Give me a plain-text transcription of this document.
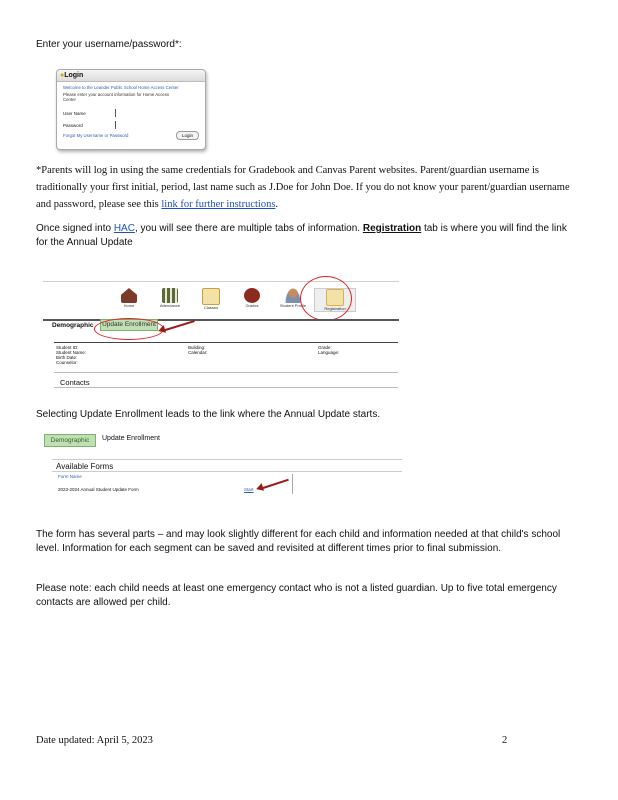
Enter your username/password*:
●Login
Welcome to the Leander Public School Home Access Center
Please enter your account information for Home Access Center
User Name
Password
Forgot My Username or Password	Login
*Parents will log in using the same credentials for Gradebook and Canvas Parent websites. Parent/guardian username is traditionally your first initial, period, last name such as J.Doe for John Doe. If you do not know your parent/guardian username and password, please see this link for further instructions.
Once signed into HAC, you will see there are multiple tabs of information. Registration tab is where you will find the link for the Annual Update
Home	Attendance	Classes	Grades	Student Profile
Registration
Demographic	Update Enrollment
Student ID:
Student Name:
Birth Date:
Counselor:
Building:
Calendar:
Grade:
Language:
Contacts
Selecting Update Enrollment leads to the link where the Annual Update starts.
Demographic	Update Enrollment
Available Forms
Form Name
2023-2024 Annual Student Update Form	Start
The form has several parts – and may look slightly different for each child and information needed at that child's school level. Information for each segment can be saved and revisited at different times prior to final submission.
Please note: each child needs at least one emergency contact who is not a listed guardian. Up to five total emergency contacts are allowed per child.
Date updated: April 5, 2023	2
